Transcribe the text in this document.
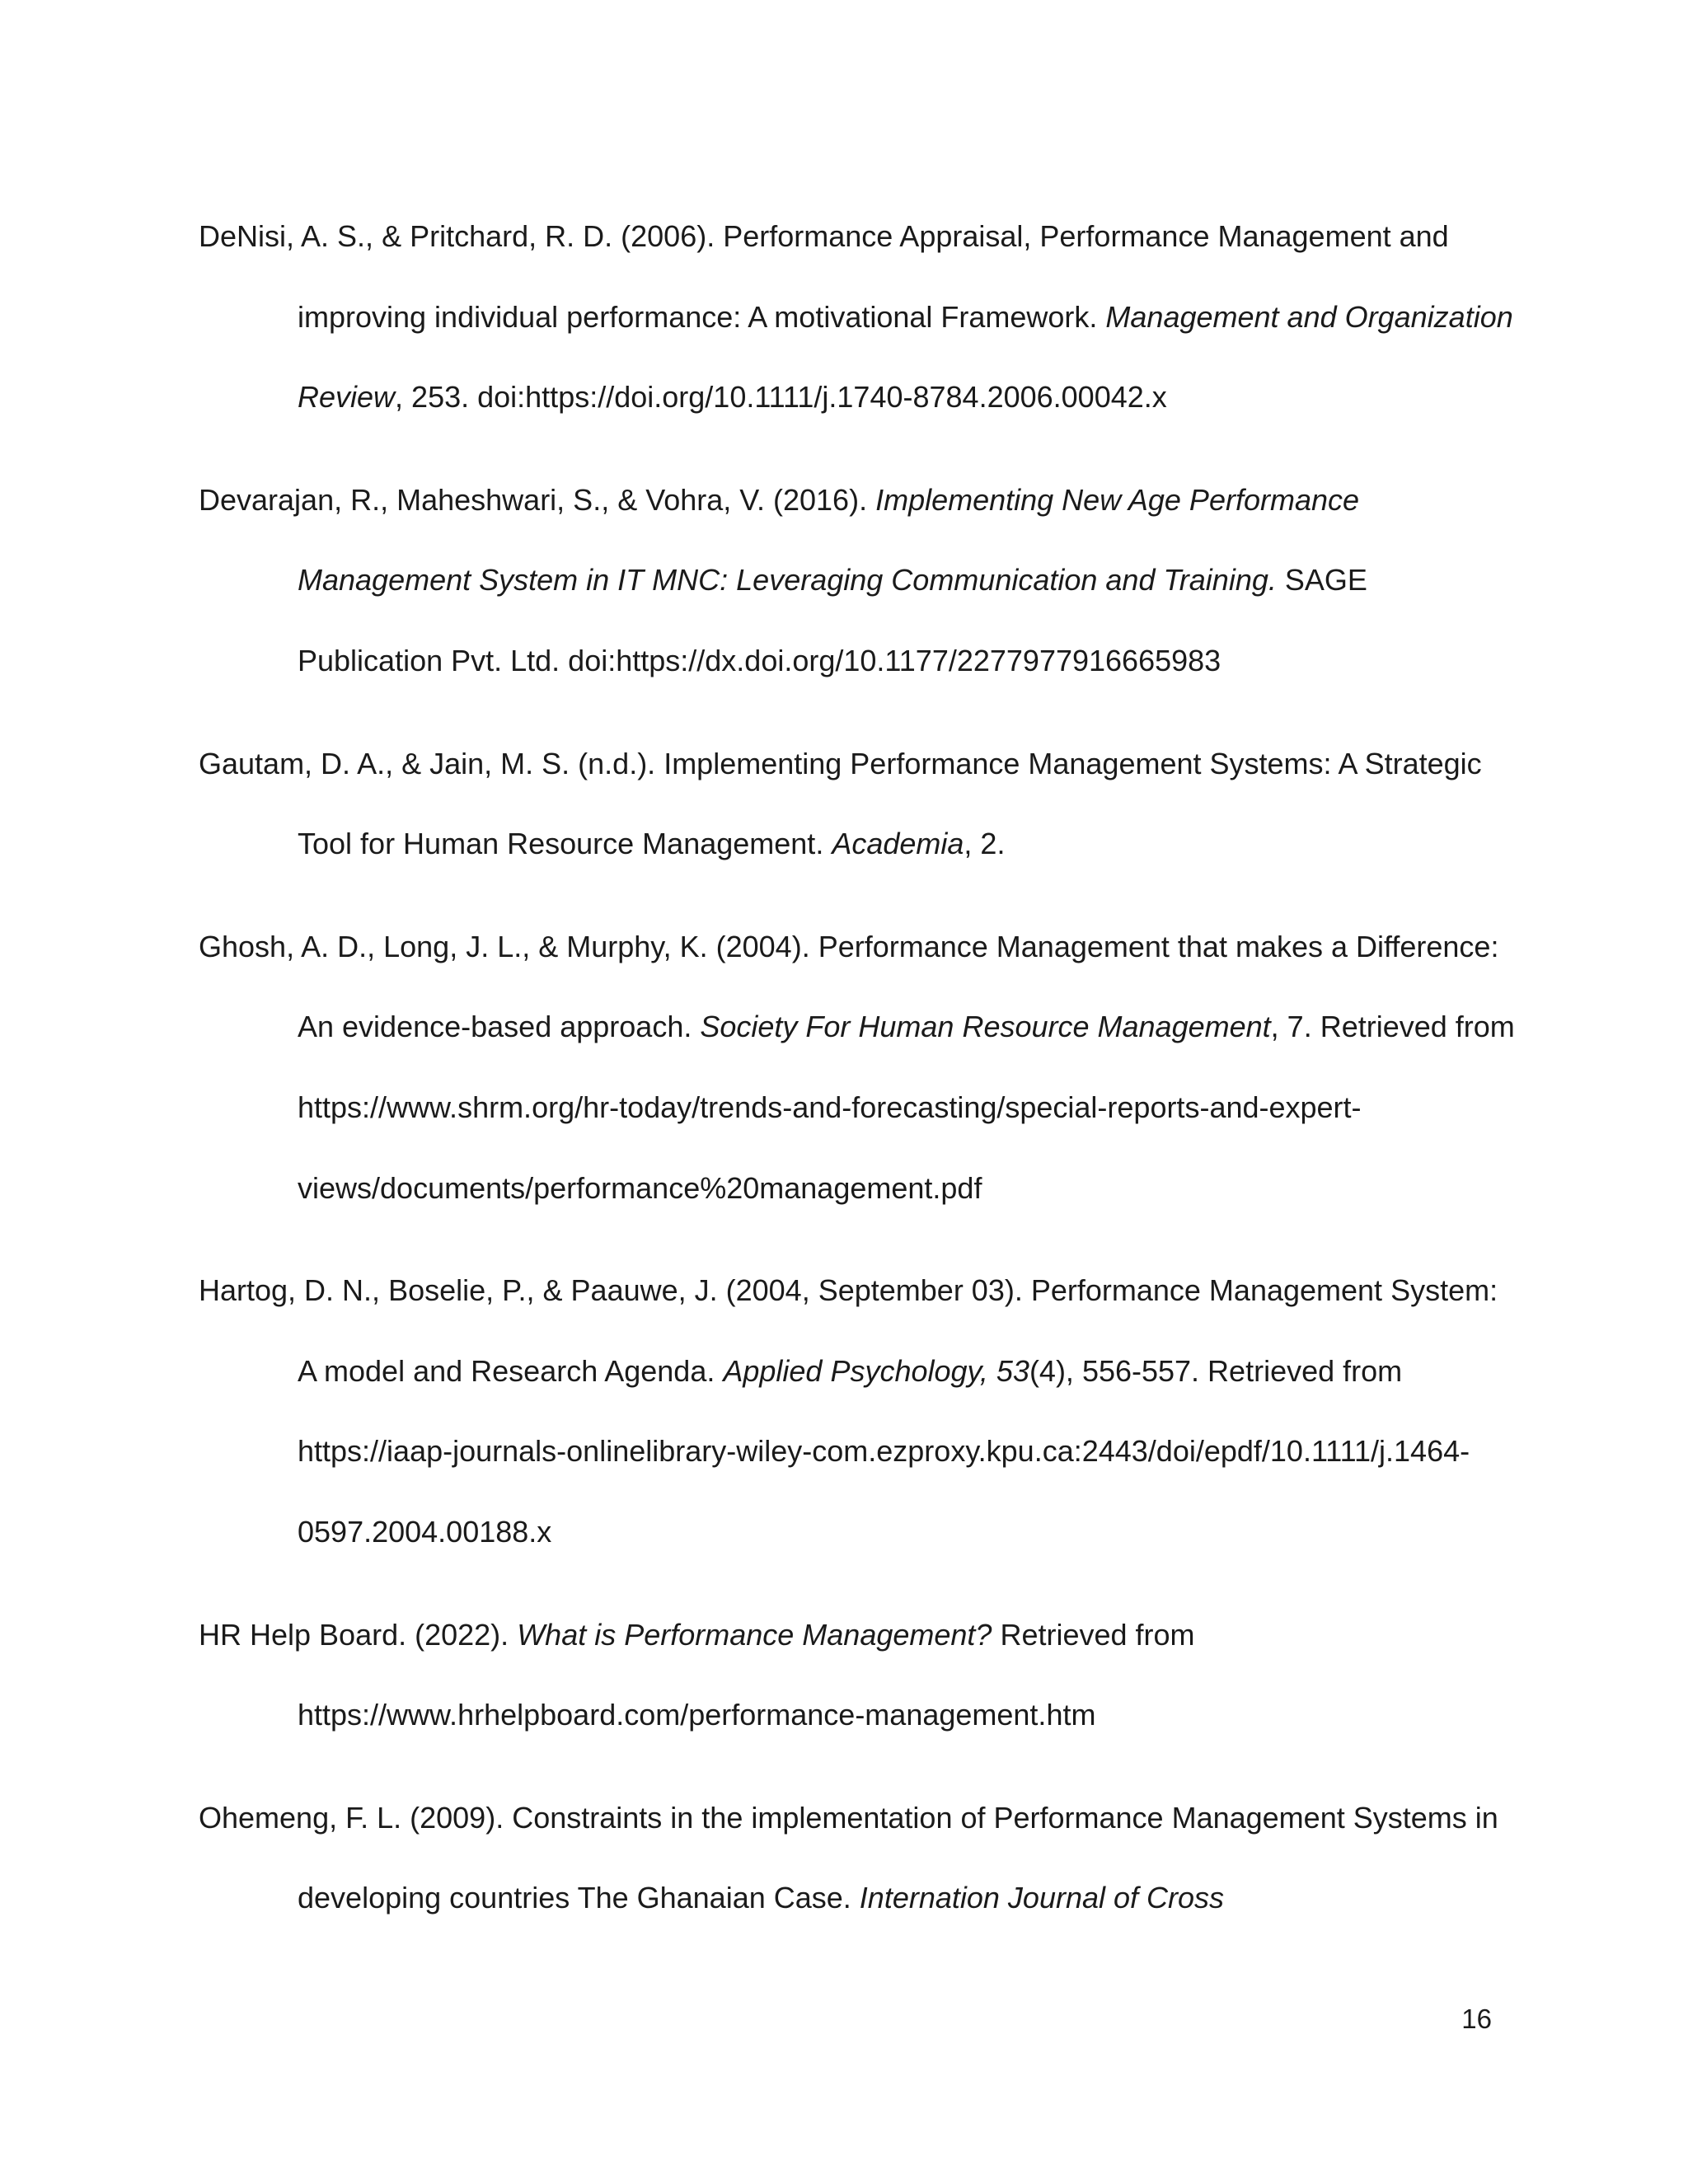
DeNisi, A. S., & Pritchard, R. D. (2006). Performance Appraisal, Performance Management and improving individual performance: A motivational Framework. Management and Organization Review, 253. doi:https://doi.org/10.1111/j.1740-8784.2006.00042.x

Devarajan, R., Maheshwari, S., & Vohra, V. (2016). Implementing New Age Performance Management System in IT MNC: Leveraging Communication and Training. SAGE Publication Pvt. Ltd. doi:https://dx.doi.org/10.1177/2277977916665983

Gautam, D. A., & Jain, M. S. (n.d.). Implementing Performance Management Systems: A Strategic Tool for Human Resource Management. Academia, 2.

Ghosh, A. D., Long, J. L., & Murphy, K. (2004). Performance Management that makes a Difference: An evidence-based approach. Society For Human Resource Management, 7. Retrieved from https://www.shrm.org/hr-today/trends-and-forecasting/special-reports-and-expert-views/documents/performance%20management.pdf

Hartog, D. N., Boselie, P., & Paauwe, J. (2004, September 03). Performance Management System: A model and Research Agenda. Applied Psychology, 53(4), 556-557. Retrieved from https://iaap-journals-onlinelibrary-wiley-com.ezproxy.kpu.ca:2443/doi/epdf/10.1111/j.1464-0597.2004.00188.x

HR Help Board. (2022). What is Performance Management? Retrieved from https://www.hrhelpboard.com/performance-management.htm

Ohemeng, F. L. (2009). Constraints in the implementation of Performance Management Systems in developing countries The Ghanaian Case. Internation Journal of Cross

16
